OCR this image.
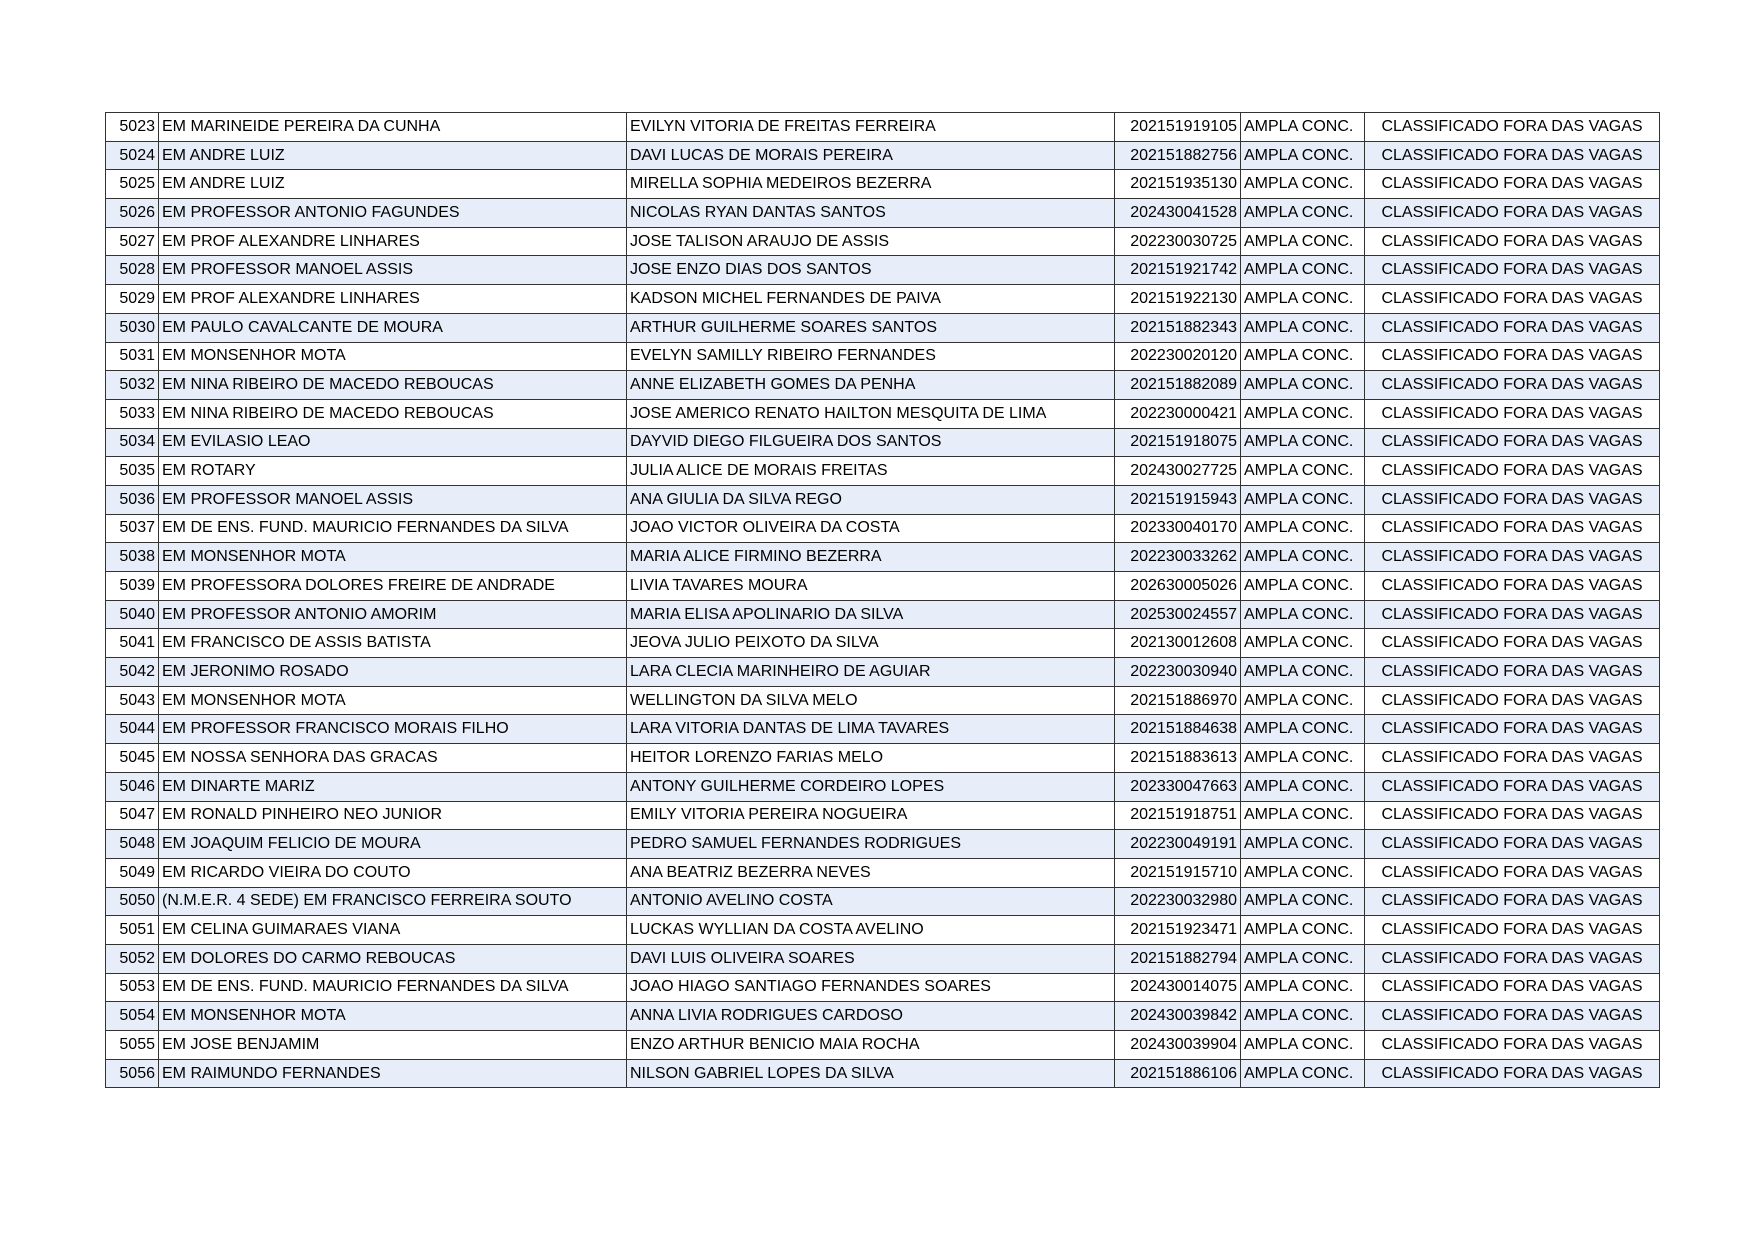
5023	EM MARINEIDE PEREIRA DA CUNHA	EVILYN VITORIA DE FREITAS FERREIRA	202151919105	AMPLA CONC.	CLASSIFICADO FORA DAS VAGAS
5024	EM ANDRE LUIZ	DAVI LUCAS DE MORAIS PEREIRA	202151882756	AMPLA CONC.	CLASSIFICADO FORA DAS VAGAS
5025	EM ANDRE LUIZ	MIRELLA SOPHIA MEDEIROS BEZERRA	202151935130	AMPLA CONC.	CLASSIFICADO FORA DAS VAGAS
5026	EM PROFESSOR ANTONIO FAGUNDES	NICOLAS RYAN DANTAS SANTOS	202430041528	AMPLA CONC.	CLASSIFICADO FORA DAS VAGAS
5027	EM PROF ALEXANDRE LINHARES	JOSE TALISON ARAUJO DE ASSIS	202230030725	AMPLA CONC.	CLASSIFICADO FORA DAS VAGAS
5028	EM PROFESSOR MANOEL ASSIS	JOSE ENZO DIAS DOS SANTOS	202151921742	AMPLA CONC.	CLASSIFICADO FORA DAS VAGAS
5029	EM PROF ALEXANDRE LINHARES	KADSON MICHEL FERNANDES DE PAIVA	202151922130	AMPLA CONC.	CLASSIFICADO FORA DAS VAGAS
5030	EM PAULO CAVALCANTE DE MOURA	ARTHUR GUILHERME SOARES SANTOS	202151882343	AMPLA CONC.	CLASSIFICADO FORA DAS VAGAS
5031	EM MONSENHOR MOTA	EVELYN SAMILLY RIBEIRO FERNANDES	202230020120	AMPLA CONC.	CLASSIFICADO FORA DAS VAGAS
5032	EM NINA RIBEIRO DE MACEDO REBOUCAS	ANNE ELIZABETH GOMES DA PENHA	202151882089	AMPLA CONC.	CLASSIFICADO FORA DAS VAGAS
5033	EM NINA RIBEIRO DE MACEDO REBOUCAS	JOSE AMERICO RENATO HAILTON MESQUITA DE LIMA	202230000421	AMPLA CONC.	CLASSIFICADO FORA DAS VAGAS
5034	EM EVILASIO LEAO	DAYVID DIEGO FILGUEIRA DOS SANTOS	202151918075	AMPLA CONC.	CLASSIFICADO FORA DAS VAGAS
5035	EM ROTARY	JULIA ALICE DE MORAIS FREITAS	202430027725	AMPLA CONC.	CLASSIFICADO FORA DAS VAGAS
5036	EM PROFESSOR MANOEL ASSIS	ANA GIULIA DA SILVA REGO	202151915943	AMPLA CONC.	CLASSIFICADO FORA DAS VAGAS
5037	EM DE ENS. FUND. MAURICIO FERNANDES DA SILVA	JOAO VICTOR OLIVEIRA DA COSTA	202330040170	AMPLA CONC.	CLASSIFICADO FORA DAS VAGAS
5038	EM MONSENHOR MOTA	MARIA ALICE FIRMINO BEZERRA	202230033262	AMPLA CONC.	CLASSIFICADO FORA DAS VAGAS
5039	EM PROFESSORA DOLORES FREIRE DE ANDRADE	LIVIA TAVARES MOURA	202630005026	AMPLA CONC.	CLASSIFICADO FORA DAS VAGAS
5040	EM PROFESSOR ANTONIO AMORIM	MARIA ELISA APOLINARIO DA SILVA	202530024557	AMPLA CONC.	CLASSIFICADO FORA DAS VAGAS
5041	EM FRANCISCO DE ASSIS BATISTA	JEOVA JULIO PEIXOTO DA SILVA	202130012608	AMPLA CONC.	CLASSIFICADO FORA DAS VAGAS
5042	EM JERONIMO ROSADO	LARA CLECIA MARINHEIRO DE AGUIAR	202230030940	AMPLA CONC.	CLASSIFICADO FORA DAS VAGAS
5043	EM MONSENHOR MOTA	WELLINGTON DA SILVA MELO	202151886970	AMPLA CONC.	CLASSIFICADO FORA DAS VAGAS
5044	EM PROFESSOR FRANCISCO MORAIS FILHO	LARA VITORIA DANTAS DE LIMA TAVARES	202151884638	AMPLA CONC.	CLASSIFICADO FORA DAS VAGAS
5045	EM NOSSA SENHORA DAS GRACAS	HEITOR LORENZO FARIAS MELO	202151883613	AMPLA CONC.	CLASSIFICADO FORA DAS VAGAS
5046	EM DINARTE MARIZ	ANTONY GUILHERME CORDEIRO LOPES	202330047663	AMPLA CONC.	CLASSIFICADO FORA DAS VAGAS
5047	EM RONALD PINHEIRO NEO JUNIOR	EMILY VITORIA PEREIRA NOGUEIRA	202151918751	AMPLA CONC.	CLASSIFICADO FORA DAS VAGAS
5048	EM JOAQUIM FELICIO DE MOURA	PEDRO SAMUEL FERNANDES RODRIGUES	202230049191	AMPLA CONC.	CLASSIFICADO FORA DAS VAGAS
5049	EM RICARDO VIEIRA DO COUTO	ANA BEATRIZ BEZERRA NEVES	202151915710	AMPLA CONC.	CLASSIFICADO FORA DAS VAGAS
5050	(N.M.E.R. 4 SEDE) EM FRANCISCO FERREIRA SOUTO	ANTONIO AVELINO COSTA	202230032980	AMPLA CONC.	CLASSIFICADO FORA DAS VAGAS
5051	EM CELINA GUIMARAES VIANA	LUCKAS WYLLIAN DA COSTA AVELINO	202151923471	AMPLA CONC.	CLASSIFICADO FORA DAS VAGAS
5052	EM DOLORES DO CARMO REBOUCAS	DAVI LUIS OLIVEIRA SOARES	202151882794	AMPLA CONC.	CLASSIFICADO FORA DAS VAGAS
5053	EM DE ENS. FUND. MAURICIO FERNANDES DA SILVA	JOAO HIAGO SANTIAGO FERNANDES SOARES	202430014075	AMPLA CONC.	CLASSIFICADO FORA DAS VAGAS
5054	EM MONSENHOR MOTA	ANNA LIVIA RODRIGUES CARDOSO	202430039842	AMPLA CONC.	CLASSIFICADO FORA DAS VAGAS
5055	EM JOSE BENJAMIM	ENZO ARTHUR BENICIO MAIA ROCHA	202430039904	AMPLA CONC.	CLASSIFICADO FORA DAS VAGAS
5056	EM RAIMUNDO FERNANDES	NILSON GABRIEL LOPES DA SILVA	202151886106	AMPLA CONC.	CLASSIFICADO FORA DAS VAGAS
